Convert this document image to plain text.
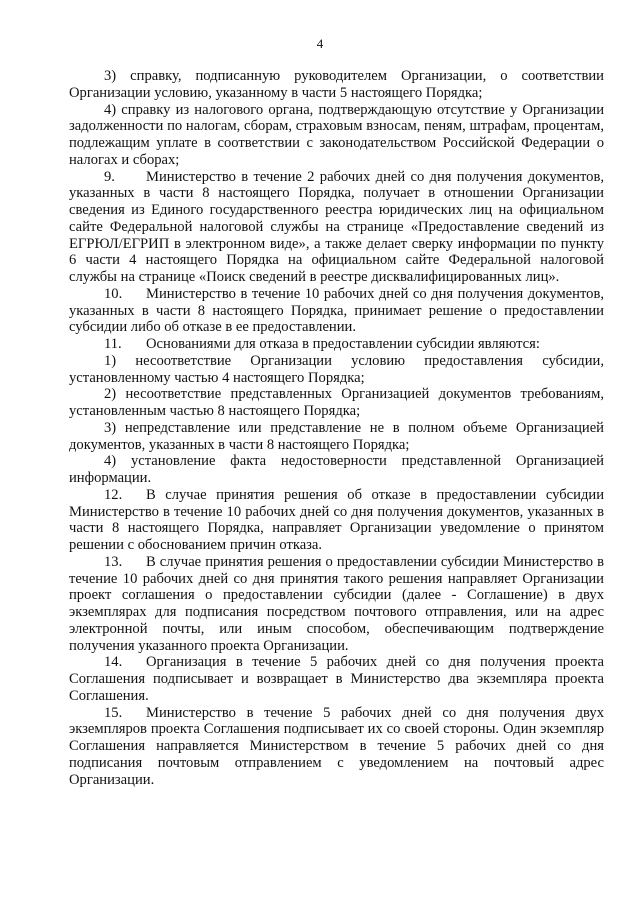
4

3) справку, подписанную руководителем Организации, о соответствии Организации условию, указанному в части 5 настоящего Порядка;

4) справку из налогового органа, подтверждающую отсутствие у Организации задолженности по налогам, сборам, страховым взносам, пеням, штрафам, процентам, подлежащим уплате в соответствии с законодательством Российской Федерации о налогах и сборах;

9. Министерство в течение 2 рабочих дней со дня получения документов, указанных в части 8 настоящего Порядка, получает в отношении Организации сведения из Единого государственного реестра юридических лиц на официальном сайте Федеральной налоговой службы на странице «Предоставление сведений из ЕГРЮЛ/ЕГРИП в электронном виде», а также делает сверку информации по пункту 6 части 4 настоящего Порядка на официальном сайте Федеральной налоговой службы на странице «Поиск сведений в реестре дисквалифицированных лиц».

10. Министерство в течение 10 рабочих дней со дня получения документов, указанных в части 8 настоящего Порядка, принимает решение о предоставлении субсидии либо об отказе в ее предоставлении.

11. Основаниями для отказа в предоставлении субсидии являются:

1) несоответствие Организации условию предоставления субсидии, установленному частью 4 настоящего Порядка;

2) несоответствие представленных Организацией документов требованиям, установленным частью 8 настоящего Порядка;

3) непредставление или представление не в полном объеме Организацией документов, указанных в части 8 настоящего Порядка;

4) установление факта недостоверности представленной Организацией информации.

12. В случае принятия решения об отказе в предоставлении субсидии Министерство в течение 10 рабочих дней со дня получения документов, указанных в части 8 настоящего Порядка, направляет Организации уведомление о принятом решении с обоснованием причин отказа.

13. В случае принятия решения о предоставлении субсидии Министерство в течение 10 рабочих дней со дня принятия такого решения направляет Организации проект соглашения о предоставлении субсидии (далее - Соглашение) в двух экземплярах для подписания посредством почтового отправления, или на адрес электронной почты, или иным способом, обеспечивающим подтверждение получения указанного проекта Организации.

14. Организация в течение 5 рабочих дней со дня получения проекта Соглашения подписывает и возвращает в Министерство два экземпляра проекта Соглашения.

15. Министерство в течение 5 рабочих дней со дня получения двух экземпляров проекта Соглашения подписывает их со своей стороны. Один экземпляр Соглашения направляется Министерством в течение 5 рабочих дней со дня подписания почтовым отправлением с уведомлением на почтовый адрес Организации.
